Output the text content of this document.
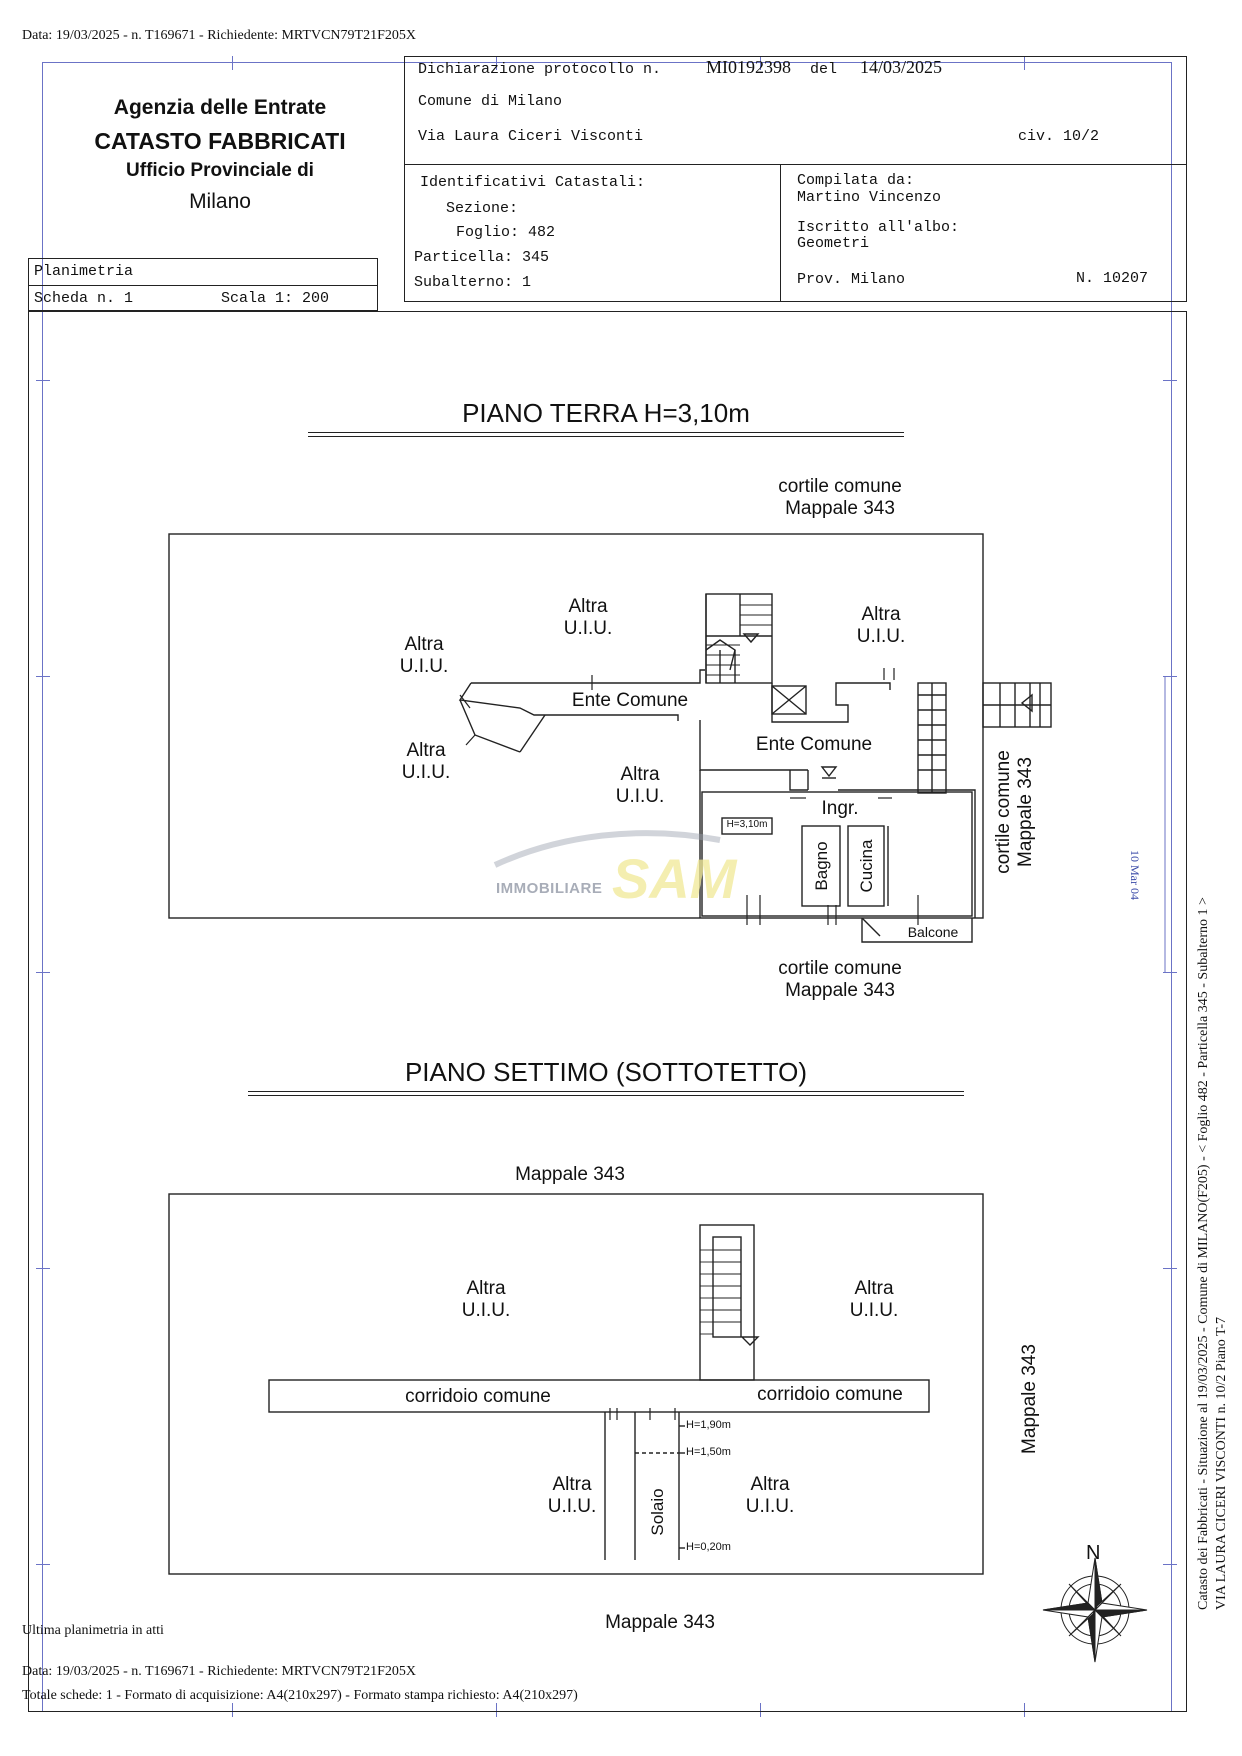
Data: 19/03/2025 - n. T169671 - Richiedente: MRTVCN79T21F205X
Agenzia delle Entrate
CATASTO FABBRICATI
Ufficio Provinciale di
Milano
Dichiarazione protocollo n. MI0192398 del 14/03/2025
Comune di Milano
Via Laura Ciceri Visconti	civ. 10/2
Identificativi Catastali:
Sezione:
Foglio: 482
Particella: 345
Subalterno: 1
Compilata da:
Martino Vincenzo
Iscritto all'albo:
Geometri
Prov. Milano	N. 10207
Planimetria
Scheda n. 1	Scala 1: 200
PIANO TERRA H=3,10m
PIANO SETTIMO (SOTTOTETTO)
cortile comune
Mappale 343
cortile comune
Mappale 343
cortile comune Mappale 343
Altra
U.I.U.
Altra
U.I.U.
Altra
U.I.U.
Altra
U.I.U.
Altra
U.I.U.
Ente Comune
Ente Comune
Ingr.
Bagno Cucina
Balcone
H=3,10m
IMMOBILIARE SAM
Mappale 343
Mappale 343
Mappale 343
Altra
U.I.U.
Altra
U.I.U.
Altra
U.I.U.
Altra
U.I.U.
corridoio comune	corridoio comune
Solaio
H=1,90m
H=1,50m
H=0,20m	N
10 Mar 04
Catasto dei Fabbricati - Situazione al 19/03/2025 - Comune di MILANO(F205) - < Foglio 482 - Particella 345 - Subalterno 1 > VIA LAURA CICERI VISCONTI n. 10/2 Piano T-7
Ultima planimetria in atti
Data: 19/03/2025 - n. T169671 - Richiedente: MRTVCN79T21F205X
Totale schede: 1 - Formato di acquisizione: A4(210x297) - Formato stampa richiesto: A4(210x297)
